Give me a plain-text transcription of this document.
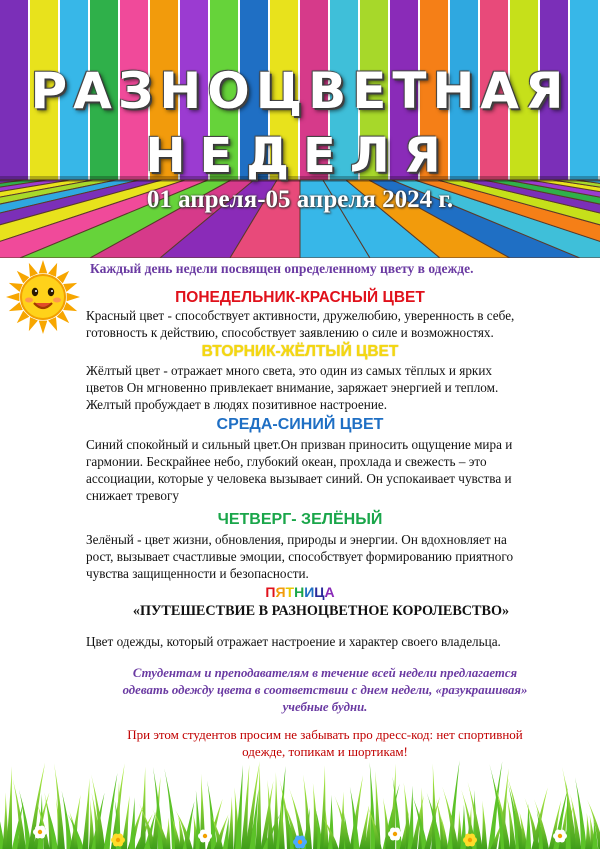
РАЗНОЦВЕТНАЯ
НЕДЕЛЯ
01 апреля-05 апреля 2024 г.
Каждый день недели посвящен определенному цвету в одежде.
ПОНЕДЕЛЬНИК-КРАСНЫЙ ЦВЕТ
Красный цвет - способствует активности, дружелюбию, уверенность в себе,
готовность к действию, способствует заявлению о силе и возможностях.
ВТОРНИК-ЖЁЛТЫЙ ЦВЕТ
Жёлтый цвет - отражает много света, это один из самых тёплых и ярких
цветов Он мгновенно привлекает внимание, заряжает энергией и теплом.
Желтый пробуждает в людях позитивное настроение.
СРЕДА-СИНИЙ ЦВЕТ
Синий спокойный и сильный цвет.Он призван приносить ощущение мира и
гармонии. Бескрайнее небо, глубокий океан, прохлада и свежесть – это
ассоциации, которые у человека вызывает синий. Он успокаивает чувства и
снижает тревогу
ЧЕТВЕРГ- ЗЕЛЁНЫЙ
Зелёный - цвет жизни, обновления, природы и энергии. Он вдохновляет на
рост, вызывает счастливые эмоции, способствует формированию приятного
чувства защищенности и безопасности.
ПЯТНИЦА
«ПУТЕШЕСТВИЕ В РАЗНОЦВЕТНОЕ КОРОЛЕВСТВО»
Цвет одежды, который отражает настроение и характер своего владельца.
Студентам и преподавателям в течение всей недели предлагается
одевать одежду цвета в соответствии с днем недели, «разукрашивая»
учебные будни.
При этом студентов просим не забывать про дресс-код: нет спортивной
одежде, топикам и шортикам!
